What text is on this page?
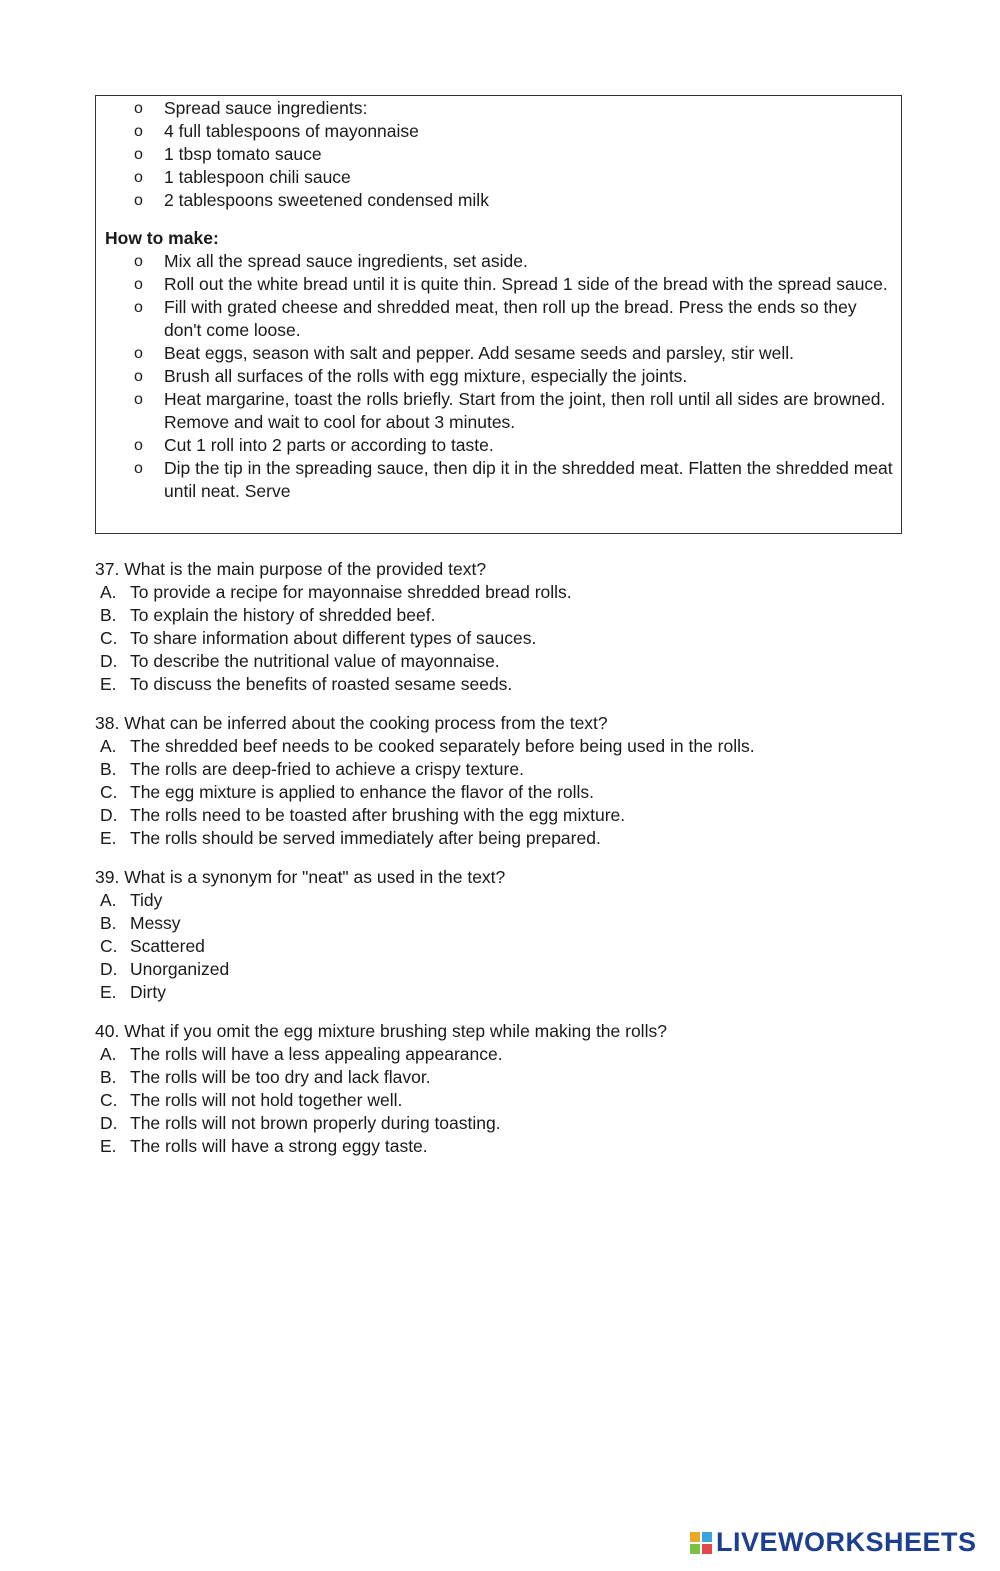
o Spread sauce ingredients:
o 4 full tablespoons of mayonnaise
o 1 tbsp tomato sauce
o 1 tablespoon chili sauce
o 2 tablespoons sweetened condensed milk
How to make:
o Mix all the spread sauce ingredients, set aside.
o Roll out the white bread until it is quite thin. Spread 1 side of the bread with the spread sauce.
o Fill with grated cheese and shredded meat, then roll up the bread. Press the ends so they don't come loose.
o Beat eggs, season with salt and pepper. Add sesame seeds and parsley, stir well.
o Brush all surfaces of the rolls with egg mixture, especially the joints.
o Heat margarine, toast the rolls briefly. Start from the joint, then roll until all sides are browned. Remove and wait to cool for about 3 minutes.
o Cut 1 roll into 2 parts or according to taste.
o Dip the tip in the spreading sauce, then dip it in the shredded meat. Flatten the shredded meat until neat. Serve
37. What is the main purpose of the provided text?
A. To provide a recipe for mayonnaise shredded bread rolls.
B. To explain the history of shredded beef.
C. To share information about different types of sauces.
D. To describe the nutritional value of mayonnaise.
E. To discuss the benefits of roasted sesame seeds.
38. What can be inferred about the cooking process from the text?
A. The shredded beef needs to be cooked separately before being used in the rolls.
B. The rolls are deep-fried to achieve a crispy texture.
C. The egg mixture is applied to enhance the flavor of the rolls.
D. The rolls need to be toasted after brushing with the egg mixture.
E. The rolls should be served immediately after being prepared.
39. What is a synonym for "neat" as used in the text?
A. Tidy
B. Messy
C. Scattered
D. Unorganized
E. Dirty
40. What if you omit the egg mixture brushing step while making the rolls?
A. The rolls will have a less appealing appearance.
B. The rolls will be too dry and lack flavor.
C. The rolls will not hold together well.
D. The rolls will not brown properly during toasting.
E. The rolls will have a strong eggy taste.
LIVEWORKSHEETS
